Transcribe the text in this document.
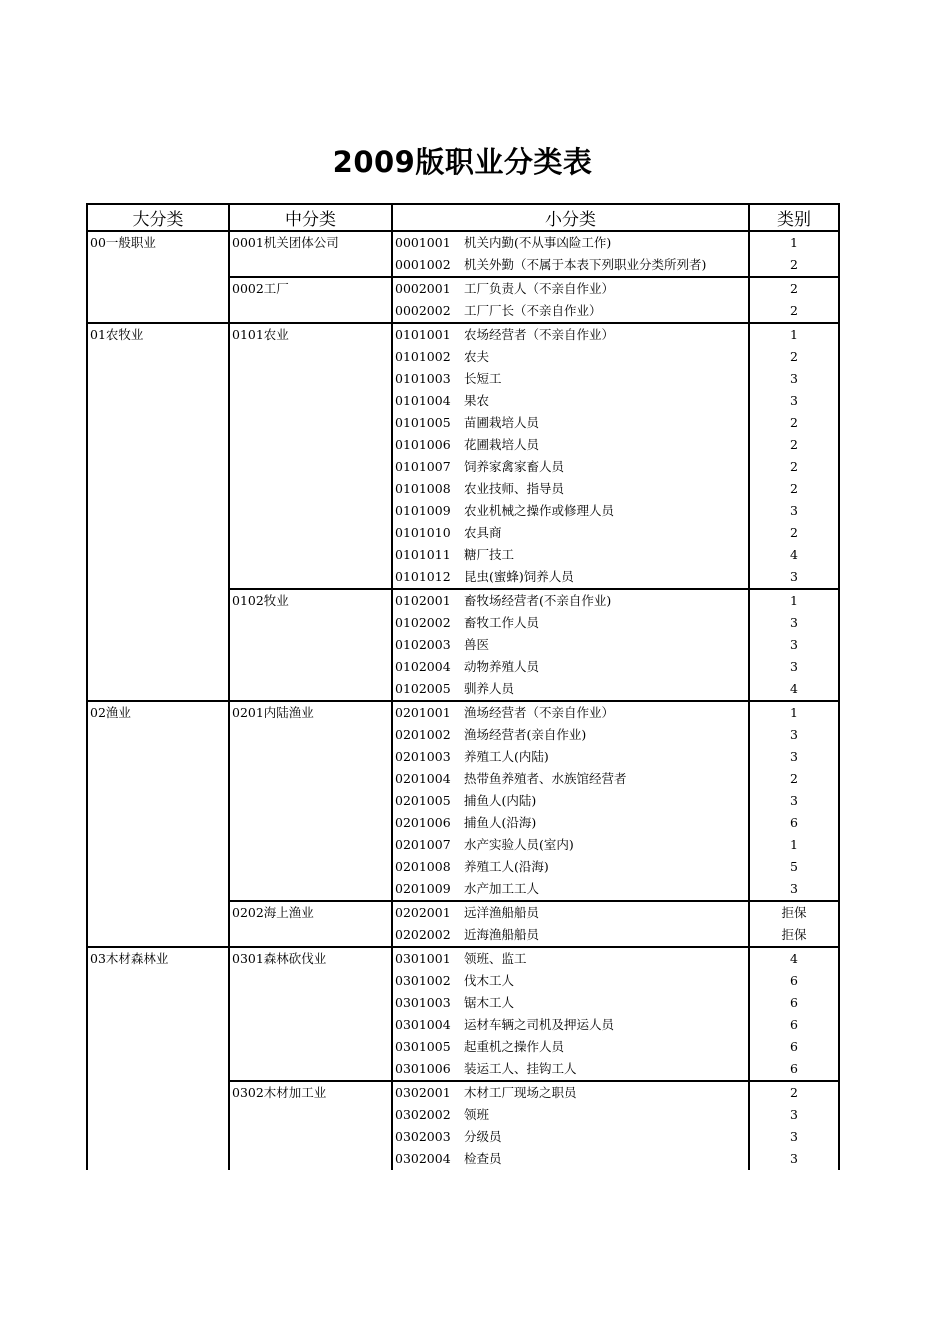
2009版职业分类表
大分类	中分类	小分类	类别
00一般职业	0001机关团体公司	0001001 机关内勤(不从事凶险工作)	1
		0001002 机关外勤（不属于本表下列职业分类所列者)	2
	0002工厂	0002001 工厂负责人（不亲自作业）	2
		0002002 工厂厂长（不亲自作业）	2
01农牧业	0101农业	0101001 农场经营者（不亲自作业）	1
		0101002 农夫	2
		0101003 长短工	3
		0101004 果农	3
		0101005 苗圃栽培人员	2
		0101006 花圃栽培人员	2
		0101007 饲养家禽家畜人员	2
		0101008 农业技师、指导员	2
		0101009 农业机械之操作或修理人员	3
		0101010 农具商	2
		0101011 糖厂技工	4
		0101012 昆虫(蜜蜂)饲养人员	3
	0102牧业	0102001 畜牧场经营者(不亲自作业)	1
		0102002 畜牧工作人员	3
		0102003 兽医	3
		0102004 动物养殖人员	3
		0102005 驯养人员	4
02渔业	0201内陆渔业	0201001 渔场经营者（不亲自作业）	1
		0201002 渔场经营者(亲自作业)	3
		0201003 养殖工人(内陆)	3
		0201004 热带鱼养殖者、水族馆经营者	2
		0201005 捕鱼人(内陆)	3
		0201006 捕鱼人(沿海)	6
		0201007 水产实验人员(室内)	1
		0201008 养殖工人(沿海)	5
		0201009 水产加工工人	3
	0202海上渔业	0202001 远洋渔船船员	拒保
		0202002 近海渔船船员	拒保
03木材森林业	0301森林砍伐业	0301001 领班、监工	4
		0301002 伐木工人	6
		0301003 锯木工人	6
		0301004 运材车辆之司机及押运人员	6
		0301005 起重机之操作人员	6
		0301006 装运工人、挂钩工人	6
	0302木材加工业	0302001 木材工厂现场之职员	2
		0302002 领班	3
		0302003 分级员	3
		0302004 检查员	3
